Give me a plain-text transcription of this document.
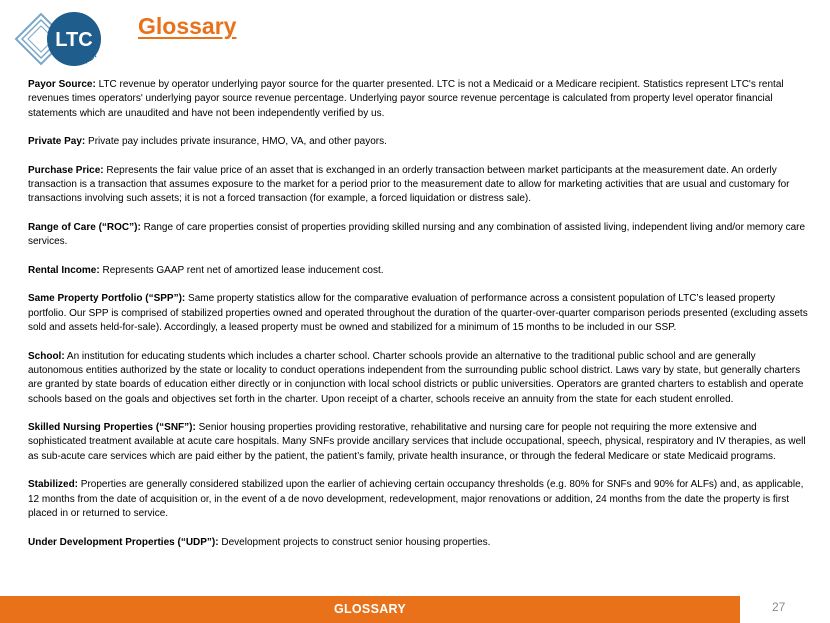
LTC
REIT
Glossary

Payor Source: LTC revenue by operator underlying payor source for the quarter presented. LTC is not a Medicaid or a Medicare recipient. Statistics represent LTC's rental revenues times operators' underlying payor source revenue percentage. Underlying payor source revenue percentage is calculated from property level operator financial statements which are unaudited and have not been independently verified by us.

Private Pay: Private pay includes private insurance, HMO, VA, and other payors.

Purchase Price: Represents the fair value price of an asset that is exchanged in an orderly transaction between market participants at the measurement date. An orderly transaction is a transaction that assumes exposure to the market for a period prior to the measurement date to allow for marketing activities that are usual and customary for transactions involving such assets; it is not a forced transaction (for example, a forced liquidation or distress sale).

Range of Care (“ROC”): Range of care properties consist of properties providing skilled nursing and any combination of assisted living, independent living and/or memory care services.

Rental Income: Represents GAAP rent net of amortized lease inducement cost.

Same Property Portfolio (“SPP”): Same property statistics allow for the comparative evaluation of performance across a consistent population of LTC’s leased property portfolio. Our SPP is comprised of stabilized properties owned and operated throughout the duration of the quarter-over-quarter comparison periods presented (excluding assets sold and assets held-for-sale). Accordingly, a leased property must be owned and stabilized for a minimum of 15 months to be included in our SSP.

School: An institution for educating students which includes a charter school. Charter schools provide an alternative to the traditional public school and are generally autonomous entities authorized by the state or locality to conduct operations independent from the surrounding public school district. Laws vary by state, but generally charters are granted by state boards of education either directly or in conjunction with local school districts or public universities. Operators are granted charters to establish and operate schools based on the goals and objectives set forth in the charter. Upon receipt of a charter, schools receive an annuity from the state for each student enrolled.

Skilled Nursing Properties (“SNF”): Senior housing properties providing restorative, rehabilitative and nursing care for people not requiring the more extensive and sophisticated treatment available at acute care hospitals. Many SNFs provide ancillary services that include occupational, speech, physical, respiratory and IV therapies, as well as sub-acute care services which are paid either by the patient, the patient’s family, private health insurance, or through the federal Medicare or state Medicaid programs.

Stabilized: Properties are generally considered stabilized upon the earlier of achieving certain occupancy thresholds (e.g. 80% for SNFs and 90% for ALFs) and, as applicable, 12 months from the date of acquisition or, in the event of a de novo development, redevelopment, major renovations or addition, 24 months from the date the property is first placed in or returned to service.

Under Development Properties (“UDP”): Development projects to construct senior housing properties.

GLOSSARY	27
